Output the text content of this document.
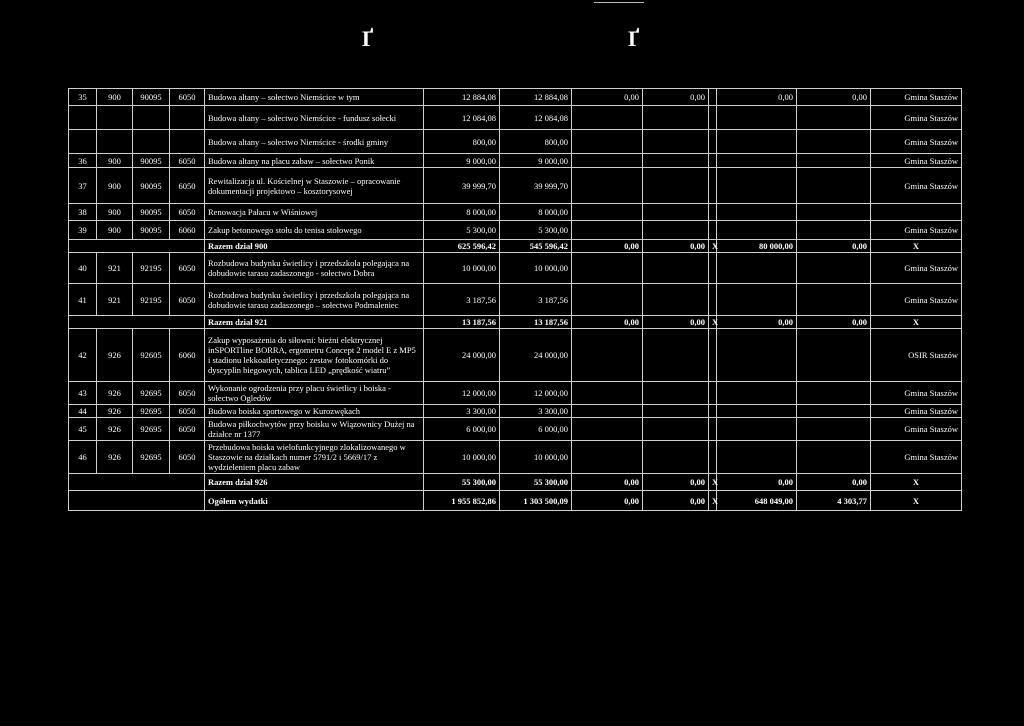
Ґ	Ґ
35	900	90095	6050	Budowa altany – sołectwo Niemścice w tym	12 884,08	12 884,08	0,00	0,00		0,00	0,00	Gmina Staszów
				Budowa altany – sołectwo Niemścice - fundusz sołecki	12 084,08	12 084,08						Gmina Staszów
				Budowa altany – sołectwo Niemścice - środki gminy	800,00	800,00						Gmina Staszów
36	900	90095	6050	Budowa altany na placu zabaw – sołectwo Ponik	9 000,00	9 000,00						Gmina Staszów
37	900	90095	6050	Rewitalizacja ul. Kościelnej w Staszowie – opracowanie dokumentacji projektowo – kosztorysowej	39 999,70	39 999,70						Gmina Staszów
38	900	90095	6050	Renowacja Pałacu w Wiśniowej	8 000,00	8 000,00						
39	900	90095	6060	Zakup betonowego stołu do tenisa stołowego	5 300,00	5 300,00						Gmina Staszów
				Razem dział 900	625 596,42	545 596,42	0,00	0,00	X	80 000,00	0,00	X
40	921	92195	6050	Rozbudowa budynku świetlicy i przedszkola polegająca na dobudowie tarasu zadaszonego - sołectwo Dobra	10 000,00	10 000,00						Gmina Staszów
41	921	92195	6050	Rozbudowa budynku świetlicy i przedszkola polegająca na dobudowie tarasu zadaszonego – sołectwo Podmaleniec	3 187,56	3 187,56						Gmina Staszów
				Razem dział 921	13 187,56	13 187,56	0,00	0,00	X	0,00	0,00	X
42	926	92605	6060	Zakup wyposażenia do siłowni: bieżni elektrycznej inSPORTline BORRA, ergometru Concept 2 model E z MP5 i stadionu lekkoatletycznego: zestaw fotokomórki do dyscyplin biegowych, tablica LED „prędkość wiatru”	24 000,00	24 000,00						OSIR Staszów
43	926	92695	6050	Wykonanie ogrodzenia przy placu świetlicy i boiska - sołectwo Ogledów	12 000,00	12 000,00						Gmina Staszów
44	926	92695	6050	Budowa boiska sportowego w Kurozwękach	3 300,00	3 300,00						Gmina Staszów
45	926	92695	6050	Budowa piłkochwytów przy boisku w Wiązownicy Dużej na działce nr 1377	6 000,00	6 000,00						Gmina Staszów
46	926	92695	6050	Przebudowa boiska wielofunkcyjnego zlokalizowanego w Staszowie na działkach numer 5791/2 i 5669/17 z wydzieleniem placu zabaw	10 000,00	10 000,00						Gmina Staszów
				Razem dział 926	55 300,00	55 300,00	0,00	0,00	X	0,00	0,00	X
				Ogółem wydatki	1 955 852,86	1 303 500,09	0,00	0,00	X	648 049,00	4 303,77	X
